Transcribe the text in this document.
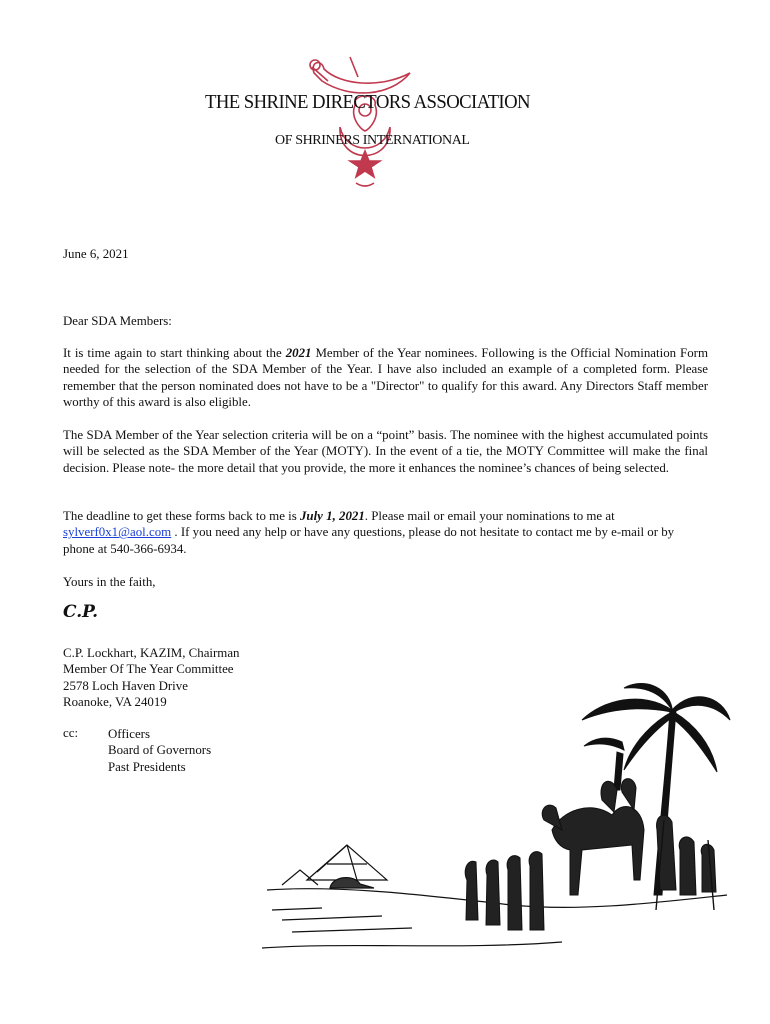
THE SHRINE DIRECTORS ASSOCIATION
OF SHRINERS INTERNATIONAL
June 6, 2021
Dear SDA Members:
It is time again to start thinking about the 2021 Member of the Year nominees. Following is the Official Nomination Form needed for the selection of the SDA Member of the Year. I have also included an example of a completed form. Please remember that the person nominated does not have to be a "Director" to qualify for this award. Any Directors Staff member worthy of this award is also eligible.
The SDA Member of the Year selection criteria will be on a “point” basis. The nominee with the highest accumulated points will be selected as the SDA Member of the Year (MOTY). In the event of a tie, the MOTY Committee will make the final decision. Please note- the more detail that you provide, the more it enhances the nominee’s chances of being selected.
The deadline to get these forms back to me is July 1, 2021. Please mail or email your nominations to me at sylverf0x1@aol.com . If you need any help or have any questions, please do not hesitate to contact me by e-mail or by phone at 540-366-6934.
Yours in the faith,
C.P.
C.P. Lockhart, KAZIM, Chairman
Member Of The Year Committee
2578 Loch Haven Drive
Roanoke, VA 24019
cc: Officers
Board of Governors
Past Presidents
